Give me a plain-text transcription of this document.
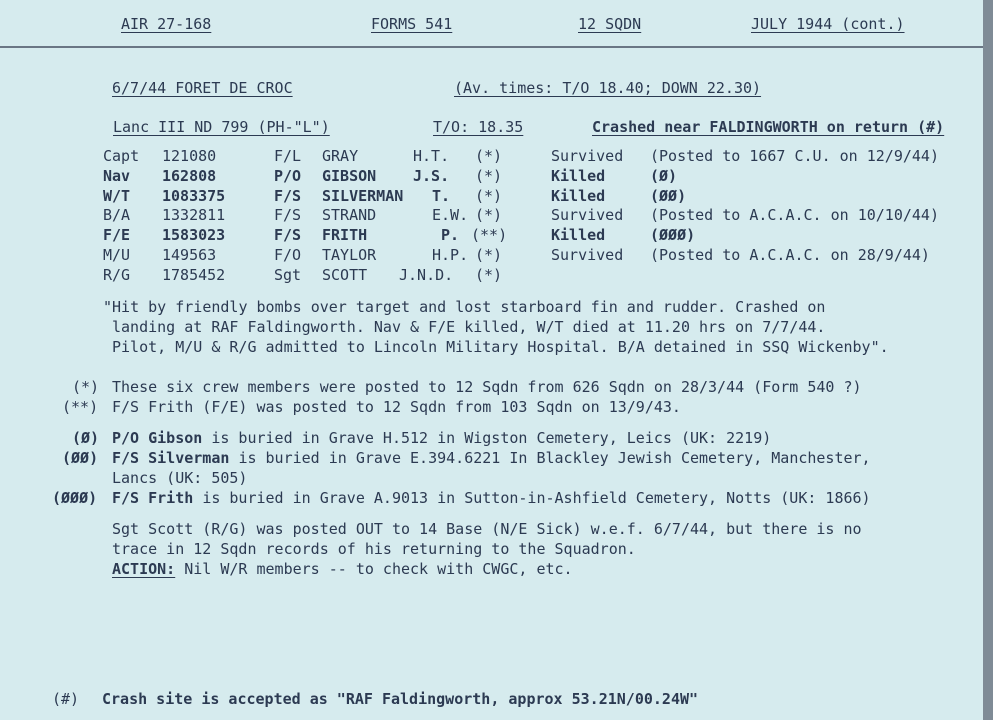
AIR 27-168	FORMS 541	12 SQDN	JULY 1944 (cont.)
6/7/44 FORET DE CROC	(Av. times: T/O 18.40; DOWN 22.30)
Lanc III ND 799 (PH-"L")	T/O: 18.35	Crashed near FALDINGWORTH on return (#)
Capt 121080	F/L GRAY	H.T. (*)	Survived (Posted to 1667 C.U. on 12/9/44)
Nav 162808	P/O GIBSON J.S. (*)	Killed	(Ø)
W/T 1083375	F/S SILVERMAN T. (*)	Killed	(ØØ)
B/A 1332811	F/S STRAND	E.W. (*)	Survived (Posted to A.C.A.C. on 10/10/44)
F/E 1583023	F/S FRITH	P. (**)	Killed	(ØØØ)
M/U 149563	F/O TAYLOR	H.P. (*)	Survived (Posted to A.C.A.C. on 28/9/44)
R/G 1785452	Sgt SCOTT J.N.D. (*)
"Hit by friendly bombs over target and lost starboard fin and rudder. Crashed on
landing at RAF Faldingworth. Nav & F/E killed, W/T died at 11.20 hrs on 7/7/44.
Pilot, M/U & R/G admitted to Lincoln Military Hospital. B/A detained in SSQ Wickenby".
(*) These six crew members were posted to 12 Sqdn from 626 Sqdn on 28/3/44 (Form 540 ?)
(**) F/S Frith (F/E) was posted to 12 Sqdn from 103 Sqdn on 13/9/43.
(Ø) P/O Gibson is buried in Grave H.512 in Wigston Cemetery, Leics (UK: 2219)
(ØØ) F/S Silverman is buried in Grave E.394.6221 In Blackley Jewish Cemetery, Manchester,
Lancs (UK: 505)
(ØØØ) F/S Frith is buried in Grave A.9013 in Sutton-in-Ashfield Cemetery, Notts (UK: 1866)
Sgt Scott (R/G) was posted OUT to 14 Base (N/E Sick) w.e.f. 6/7/44, but there is no
trace in 12 Sqdn records of his returning to the Squadron.
ACTION: Nil W/R members -- to check with CWGC, etc.
(#) Crash site is accepted as "RAF Faldingworth, approx 53.21N/00.24W"
